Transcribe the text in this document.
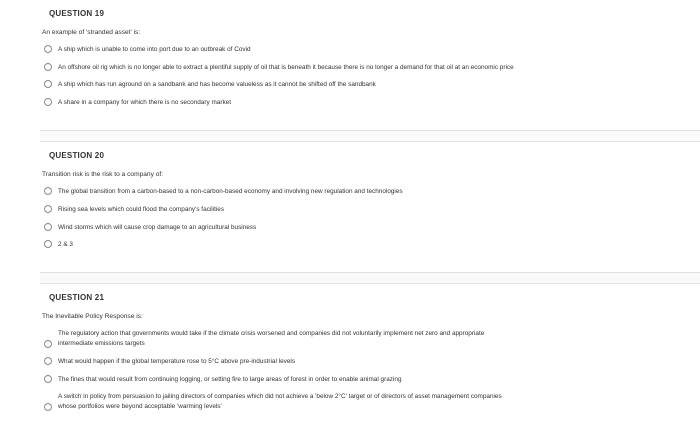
QUESTION 19
An example of 'stranded asset' is:
A ship which is unable to come into port due to an outbreak of Covid
An offshore oil rig which is no longer able to extract a plentiful supply of oil that is beneath it because there is no longer a demand for that oil at an economic price
A ship which has run aground on a sandbank and has become valueless as it cannot be shifted off the sandbank
A share in a company for which there is no secondary market
QUESTION 20
Transition risk is the risk to a company of:
The global transition from a carbon-based to a non-carbon-based economy and involving new regulation and technologies
Rising sea levels which could flood the company's facilities
Wind storms which will cause crop damage to an agricultural business
2 & 3
QUESTION 21
The Inevitable Policy Response is:
The regulatory action that governments would take if the climate crisis worsened and companies did not voluntarily implement net zero and appropriate
intermediate emissions targets
What would happen if the global temperature rose to 5°C above pre-industrial levels
The fines that would result from continuing logging, or setting fire to large areas of forest in order to enable animal grazing
A switch in policy from persuasion to jailing directors of companies which did not achieve a 'below 2°C' target or of directors of asset management companies
whose portfolios were beyond acceptable 'warming levels'
